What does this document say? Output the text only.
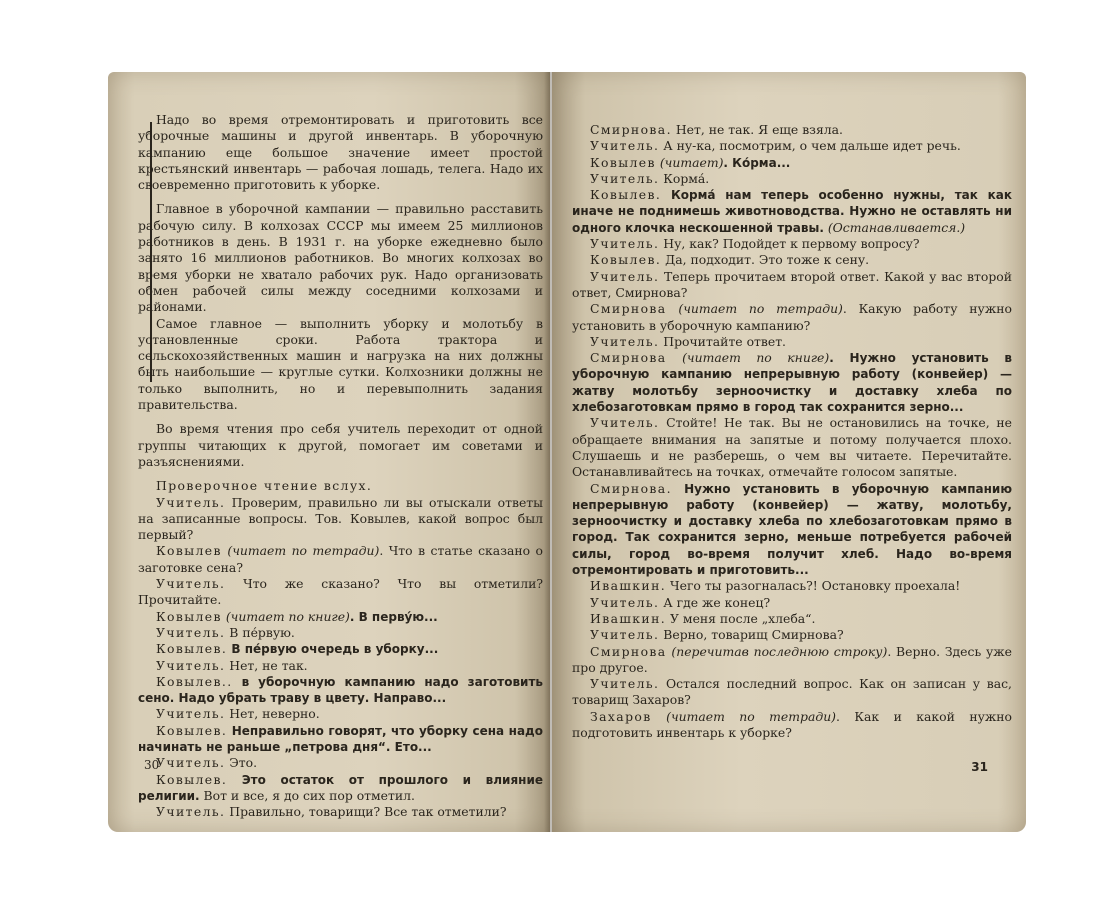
Надо во время отремонтировать и приготовить все уборочные машины и другой инвентарь. В уборочную кампанию еще большое значение имеет простой крестьянский инвентарь — рабочая лошадь, телега. Надо их своевременно приготовить к уборке.

Главное в уборочной кампании — правильно расставить рабочую силу. В колхозах СССР мы имеем 25 миллионов работников в день. В 1931 г. на уборке ежедневно было занято 16 миллионов работников. Во многих колхозах во время уборки не хватало рабочих рук. Надо организовать обмен рабочей силы между соседними колхозами и районами.

Самое главное — выполнить уборку и молотьбу в установленные сроки. Работа трактора и сельскохозяйственных машин и нагрузка на них должны быть наибольшие — круглые сутки. Колхозники должны не только выполнить, но и перевыполнить задания правительства.

Во время чтения про себя учитель переходит от одной группы читающих к другой, помогает им советами и разъяснениями.

Проверочное чтение вслух.

Учитель. Проверим, правильно ли вы отыскали ответы на записанные вопросы. Тов. Ковылев, какой вопрос был первый?

Ковылев (читает по тетради). Что в статье сказано о заготовке сена?

Учитель. Что же сказано? Что вы отметили? Прочитайте.

Ковылев (читает по книге). В перву́ю...

Учитель. В пе́рвую.

Ковылев. В пе́рвую очередь в уборку...

Учитель. Нет, не так.

Ковылев.. в уборочную кампанию надо заготовить сено. Надо убрать траву в цвету. Направо...

Учитель. Нет, неверно.

Ковылев. Неправильно говорят, что уборку сена надо начинать не раньше „петрова дня“. Ето...

Учитель. Это.

Ковылев. Это остаток от прошлого и влияние религии. Вот и все, я до сих пор отметил.

Учитель. Правильно, товарищи? Все так отметили?

30

Смирнова. Нет, не так. Я еще взяла.

Учитель. А ну-ка, посмотрим, о чем дальше идет речь.

Ковылев (читает). Ко́рма...

Учитель. Корма́.

Ковылев. Корма́ нам теперь особенно нужны, так как иначе не поднимешь животноводства. Нужно не оставлять ни одного клочка нескошенной травы. (Останавливается.)

Учитель. Ну, как? Подойдет к первому вопросу?

Ковылев. Да, подходит. Это тоже к сену.

Учитель. Теперь прочитаем второй ответ. Какой у вас второй ответ, Смирнова?

Смирнова (читает по тетради). Какую работу нужно установить в уборочную кампанию?

Учитель. Прочитайте ответ.

Смирнова (читает по книге). Нужно установить в уборочную кампанию непрерывную работу (конвейер) — жатву молотьбу зерноочистку и доставку хлеба по хлебозаготовкам прямо в город так сохранится зерно...

Учитель. Стойте! Не так. Вы не остановились на точке, не обращаете внимания на запятые и потому получается плохо. Слушаешь и не разберешь, о чем вы читаете. Перечитайте. Останавливайтесь на точках, отмечайте голосом запятые.

Смирнова. Нужно установить в уборочную кампанию непрерывную работу (конвейер) — жатву, молотьбу, зерноочистку и доставку хлеба по хлебозаготовкам прямо в город. Так сохранится зерно, меньше потребуется рабочей силы, город во-время получит хлеб. Надо во-время отремонтировать и приготовить...

Ивашкин. Чего ты разогналась?! Остановку проехала!

Учитель. А где же конец?

Ивашкин. У меня после „хлеба“.

Учитель. Верно, товарищ Смирнова?

Смирнова (перечитав последнюю строку). Верно. Здесь уже про другое.

Учитель. Остался последний вопрос. Как он записан у вас, товарищ Захаров?

Захаров (читает по тетради). Как и какой нужно подготовить инвентарь к уборке?

31
